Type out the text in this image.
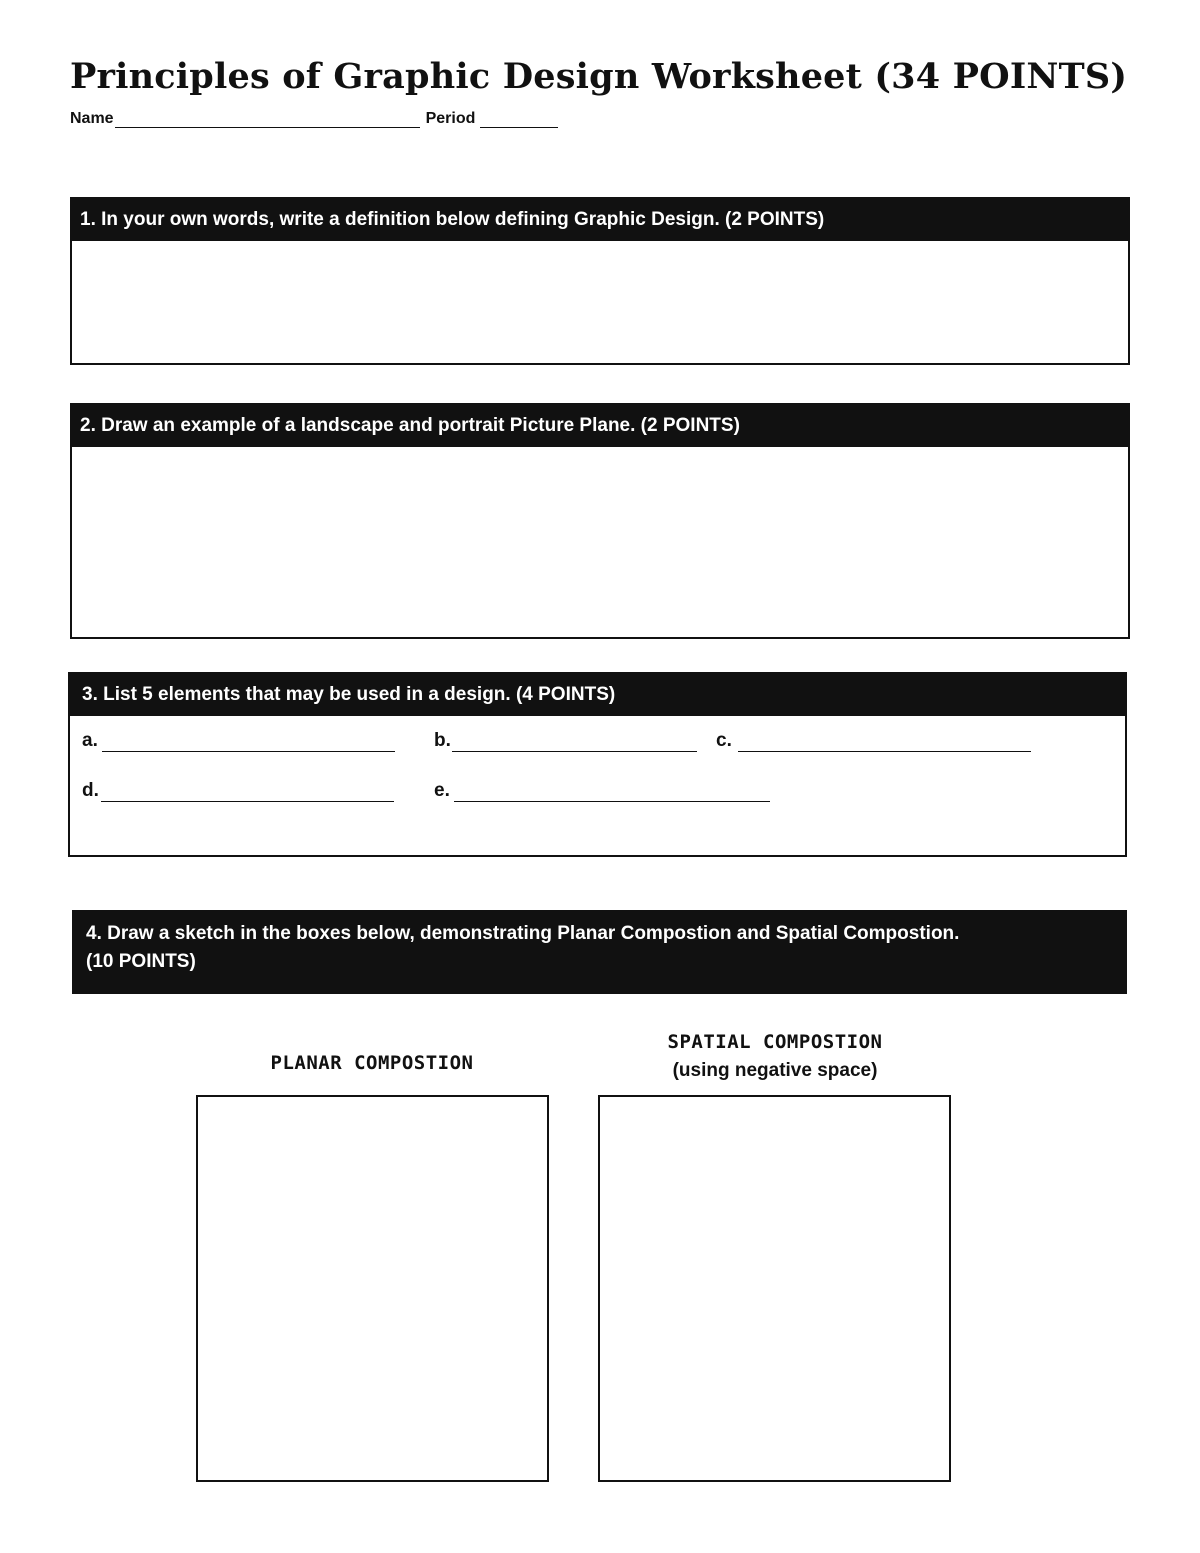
Principles of Graphic Design Worksheet (34 POINTS)
Name	Period
1. In your own words, write a definition below defining Graphic Design. (2 POINTS)
2. Draw an example of a landscape and portrait Picture Plane. (2 POINTS)
3. List 5 elements that may be used in a design. (4 POINTS)
a.	b.	c.
d.	e.
4. Draw a sketch in the boxes below, demonstrating Planar Compostion and Spatial Compostion.
(10 POINTS)
PLANAR COMPOSTION
SPATIAL COMPOSTION
(using negative space)
